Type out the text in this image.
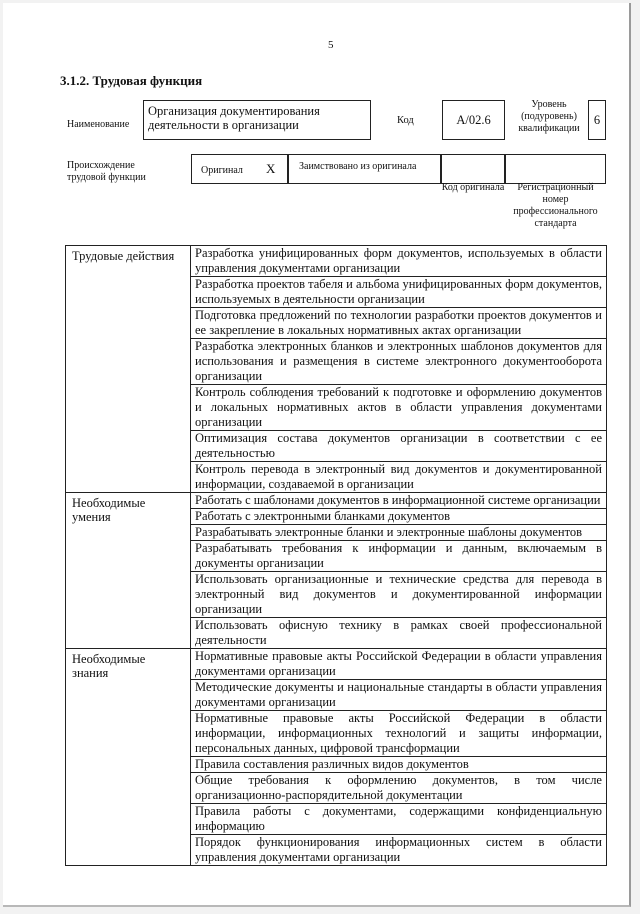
5
3.1.2. Трудовая функция
Наименование
Организация документирования деятельности в организации	Код	A/02.6
Уровень (подуровень) квалификации
6
Происхождение трудовой функции
Оригинал X	Заимствовано из оригинала
Код оригинала	Регистрационный номер профессионального стандарта
Трудовые действия	Разработка унифицированных форм документов, используемых в области управления документами организации
	Разработка проектов табеля и альбома унифицированных форм документов, используемых в деятельности организации
	Подготовка предложений по технологии разработки проектов документов и ее закрепление в локальных нормативных актах организации
	Разработка электронных бланков и электронных шаблонов документов для использования и размещения в системе электронного документооборота организации
	Контроль соблюдения требований к подготовке и оформлению документов и локальных нормативных актов в области управления документами организации
	Оптимизация состава документов организации в соответствии с ее деятельностью
	Контроль перевода в электронный вид документов и документированной информации, создаваемой в организации
Необходимые умения	Работать с шаблонами документов в информационной системе организации
	Работать с электронными бланками документов
	Разрабатывать электронные бланки и электронные шаблоны документов
	Разрабатывать требования к информации и данным, включаемым в документы организации
	Использовать организационные и технические средства для перевода в электронный вид документов и документированной информации организации
	Использовать офисную технику в рамках своей профессиональной деятельности
Необходимые знания	Нормативные правовые акты Российской Федерации в области управления документами организации
	Методические документы и национальные стандарты в области управления документами организации
	Нормативные правовые акты Российской Федерации в области информации, информационных технологий и защиты информации, персональных данных, цифровой трансформации
	Правила составления различных видов документов
	Общие требования к оформлению документов, в том числе организационно-распорядительной документации
	Правила работы с документами, содержащими конфиденциальную информацию
	Порядок функционирования информационных систем в области управления документами организации
